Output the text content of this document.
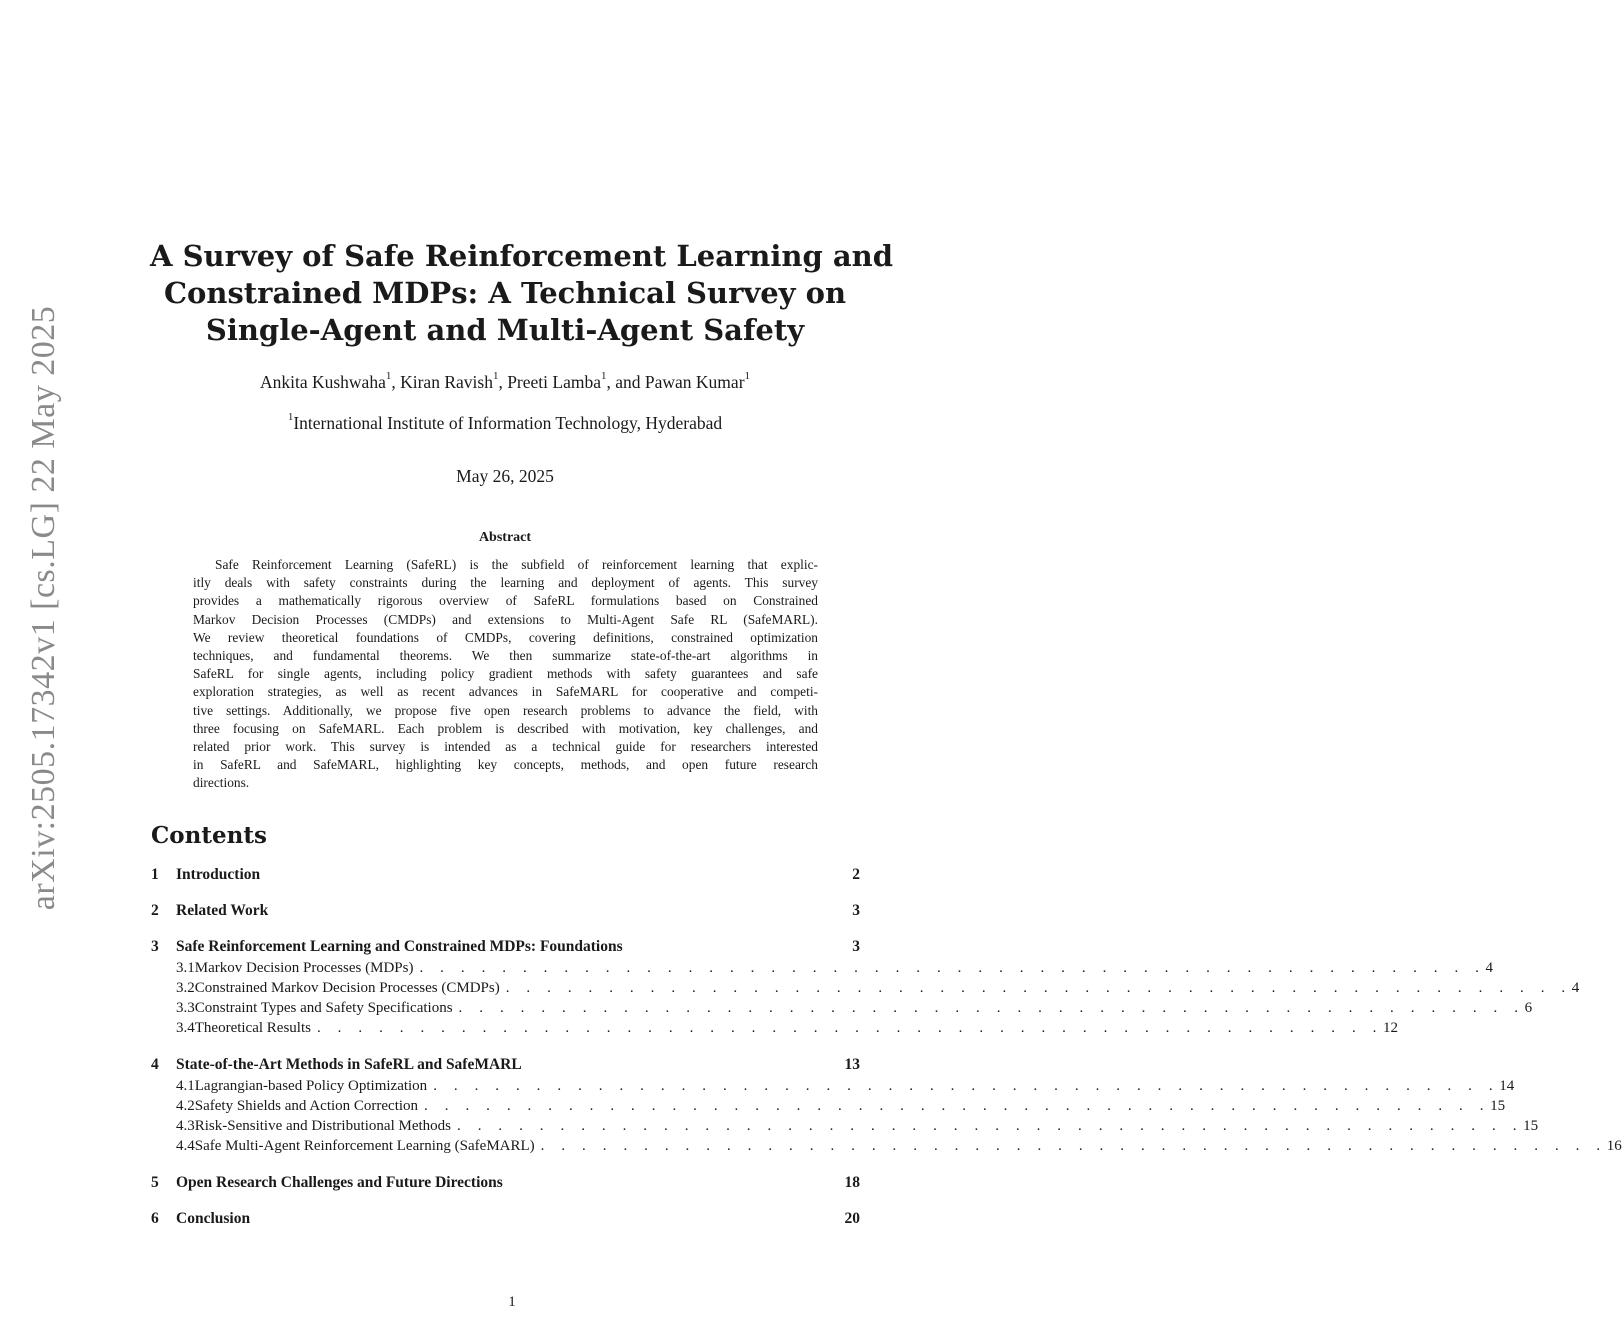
arXiv:2505.17342v1 [cs.LG] 22 May 2025
A Survey of Safe Reinforcement Learning and
Constrained MDPs: A Technical Survey on
Single-Agent and Multi-Agent Safety
Ankita Kushwaha$^1$, Kiran Ravish$^1$, Preeti Lamba$^1$, and Pawan Kumar$^1$
$^1$International Institute of Information Technology, Hyderabad
May 26, 2025
Abstract
Safe Reinforcement Learning (SafeRL) is the subfield of reinforcement learning that explic-
itly deals with safety constraints during the learning and deployment of agents. This survey
provides a mathematically rigorous overview of SafeRL formulations based on Constrained
Markov Decision Processes (CMDPs) and extensions to Multi-Agent Safe RL (SafeMARL).
We review theoretical foundations of CMDPs, covering definitions, constrained optimization
techniques, and fundamental theorems. We then summarize state-of-the-art algorithms in
SafeRL for single agents, including policy gradient methods with safety guarantees and safe
exploration strategies, as well as recent advances in SafeMARL for cooperative and competi-
tive settings. Additionally, we propose five open research problems to advance the field, with
three focusing on SafeMARL. Each problem is described with motivation, key challenges, and
related prior work. This survey is intended as a technical guide for researchers interested
in SafeRL and SafeMARL, highlighting key concepts, methods, and open future research
directions.
Contents
1	Introduction	2
2	Related Work	3
3	Safe Reinforcement Learning and Constrained MDPs: Foundations	3
3.1 Markov Decision Processes (MDPs) . . . . . . . . . . . . . . . . . . . . . . . . . . . . . . . . . . . . . . . . . . . . . . . . . . . . 4
3.2 Constrained Markov Decision Processes (CMDPs) . . . . . . . . . . . . . . . . . . . . . . . . . . . . . . . . . . . . . . . . . . . . . . . . . . . . 4
3.3 Constraint Types and Safety Specifications . . . . . . . . . . . . . . . . . . . . . . . . . . . . . . . . . . . . . . . . . . . . . . . . . . . . 6
3.4 Theoretical Results . . . . . . . . . . . . . . . . . . . . . . . . . . . . . . . . . . . . . . . . . . . . . . . . . . . . 12
4	State-of-the-Art Methods in SafeRL and SafeMARL	13
4.1 Lagrangian-based Policy Optimization . . . . . . . . . . . . . . . . . . . . . . . . . . . . . . . . . . . . . . . . . . . . . . . . . . . . 14
4.2 Safety Shields and Action Correction . . . . . . . . . . . . . . . . . . . . . . . . . . . . . . . . . . . . . . . . . . . . . . . . . . . . 15
4.3 Risk-Sensitive and Distributional Methods . . . . . . . . . . . . . . . . . . . . . . . . . . . . . . . . . . . . . . . . . . . . . . . . . . . . 15
4.4 Safe Multi-Agent Reinforcement Learning (SafeMARL) . . . . . . . . . . . . . . . . . . . . . . . . . . . . . . . . . . . . . . . . . . . . . . . . . . . . 16
5	Open Research Challenges and Future Directions	18
6	Conclusion	20
1
